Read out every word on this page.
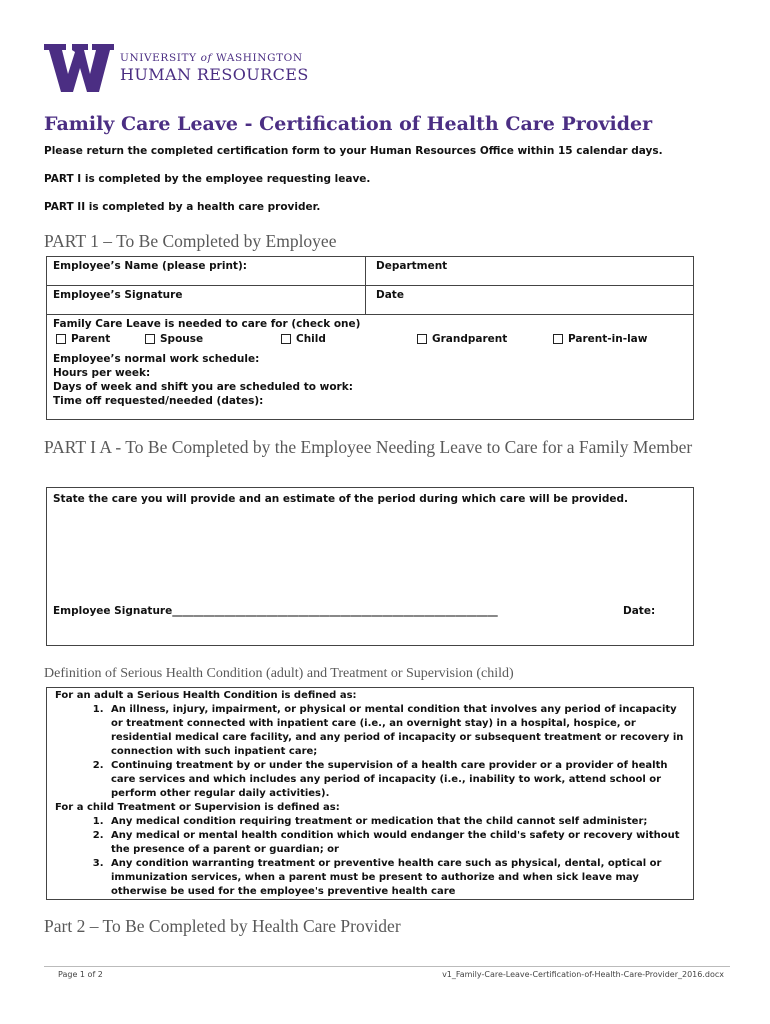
UNIVERSITY of WASHINGTON
HUMAN RESOURCES
Family Care Leave - Certification of Health Care Provider

Please return the completed certification form to your Human Resources Office within 15 calendar days.

PART I is completed by the employee requesting leave.

PART II is completed by a health care provider.

PART 1 – To Be Completed by Employee
Employee’s Name (please print):	Department
Employee’s Signature	Date
Family Care Leave is needed to care for (check one)
Parent	Spouse	Child	Grandparent	Parent-in-law

Employee’s normal work schedule:

Hours per week:

Days of week and shift you are scheduled to work:

Time off requested/needed (dates):

PART I A - To Be Completed by the Employee Needing Leave to Care for a Family Member
State the care you will provide and an estimate of the period during which care will be provided.
Employee Signature______________________________________________________________	Date:
Definition of Serious Health Condition (adult) and Treatment or Supervision (child)
For an adult a Serious Health Condition is defined as:
1. An illness, injury, impairment, or physical or mental condition that involves any period of incapacity or treatment connected with inpatient care (i.e., an overnight stay) in a hospital, hospice, or residential medical care facility, and any period of incapacity or subsequent treatment or recovery in connection with such inpatient care;
2. Continuing treatment by or under the supervision of a health care provider or a provider of health care services and which includes any period of incapacity (i.e., inability to work, attend school or perform other regular daily activities).
For a child Treatment or Supervision is defined as:
1. Any medical condition requiring treatment or medication that the child cannot self administer;
2. Any medical or mental health condition which would endanger the child's safety or recovery without the presence of a parent or guardian; or
3. Any condition warranting treatment or preventive health care such as physical, dental, optical or immunization services, when a parent must be present to authorize and when sick leave may otherwise be used for the employee's preventive health care
Part 2 – To Be Completed by Health Care Provider
Page 1 of 2	v1_Family-Care-Leave-Certification-of-Health-Care-Provider_2016.docx
